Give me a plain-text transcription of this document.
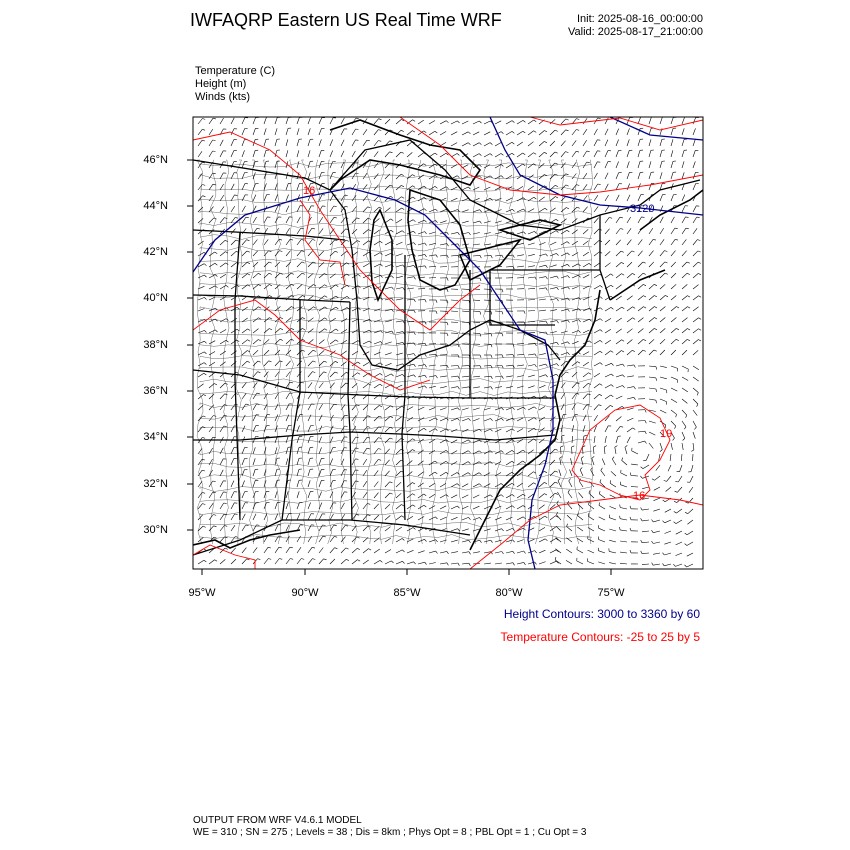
IWFAQRP Eastern US Real Time WRF	Init: 2025-08-16_00:00:00
Valid: 2025-08-17_21:00:00
Temperature (C)
Height (m)
Winds (kts)
16
19
16
3120
46°N
44°N
42°N
40°N
38°N
36°N
34°N
32°N
30°N
95°W	90°W	85°W	80°W	75°W
Height Contours: 3000 to 3360 by 60
Temperature Contours: -25 to 25 by 5
OUTPUT FROM WRF V4.6.1 MODEL
WE = 310 ; SN = 275 ; Levels = 38 ; Dis = 8km ; Phys Opt = 8 ; PBL Opt = 1 ; Cu Opt = 3
